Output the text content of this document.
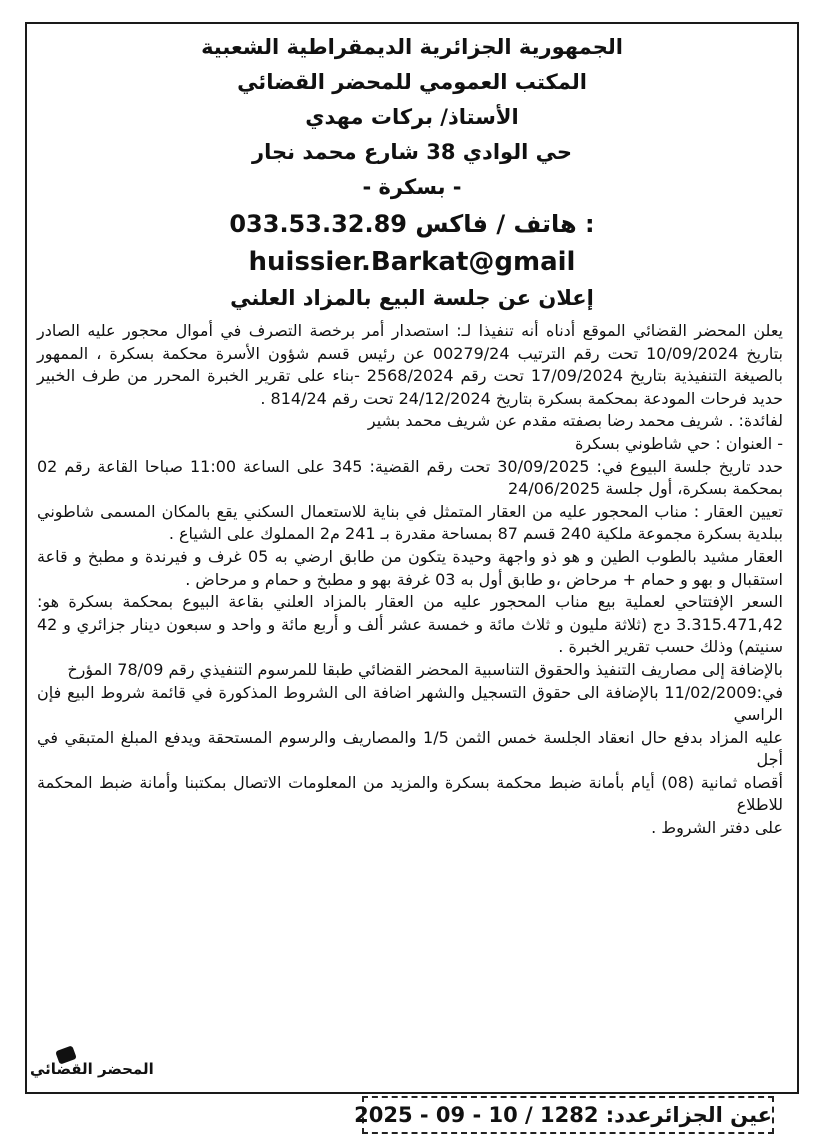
الجمهورية الجزائرية الديمقراطية الشعبية
المكتب العمومي للمحضر القضائي
الأستاذ/ بركات مهدي
حي الوادي 38 شارع محمد نجار
- بسكرة -
033.53.32.89 هاتف / فاكس :
huissier.Barkat@gmail
إعلان عن جلسة البيع بالمزاد العلني

يعلن المحضر القضائي الموقع أدناه أنه تنفيذا لـ: استصدار أمر برخصة التصرف في أموال محجور عليه الصادر بتاريخ 10/09/2024 تحت رقم الترتيب 00279/24 عن رئيس قسم شؤون الأسرة محكمة بسكرة ، الممهور بالصيغة التنفيذية بتاريخ 17/09/2024 تحت رقم 2568/2024 -بناء على تقرير الخبرة المحرر من طرف الخبير حديد فرحات المودعة بمحكمة بسكرة بتاريخ 24/12/2024 تحت رقم 814/24 .

لفائدة: . شريف محمد رضا بصفته مقدم عن شريف محمد بشير

- العنوان : حي شاطوني بسكرة

حدد تاريخ جلسة البيوع في: 30/09/2025 تحت رقم القضية: 345 على الساعة 11:00 صباحا القاعة رقم 02 بمحكمة بسكرة، أول جلسة 24/06/2025

تعيين العقار : مناب المحجور عليه من العقار المتمثل في بناية للاستعمال السكني يقع بالمكان المسمى شاطوني ببلدية بسكرة مجموعة ملكية 240 قسم 87 بمساحة مقدرة بـ 241 م2 المملوك على الشياع .

العقار مشيد بالطوب الطين و هو ذو واجهة وحيدة يتكون من طابق ارضي به 05 غرف و فيرندة و مطبخ و قاعة استقبال و بهو و حمام + مرحاض ،و طابق أول به 03 غرفة بهو و مطبخ و حمام و مرحاض .

السعر الإفتتاحي لعملية بيع مناب المحجور عليه من العقار بالمزاد العلني بقاعة البيوع بمحكمة بسكرة هو: 3.315.471,42 دج (ثلاثة مليون و ثلاث مائة و خمسة عشر ألف و أربع مائة و واحد و سبعون دينار جزائري و 42 سنيتم) وذلك حسب تقرير الخبرة .

بالإضافة إلى مصاريف التنفيذ والحقوق التناسبية المحضر القضائي طبقا للمرسوم التنفيذي رقم 78/09 المؤرخ

في:11/02/2009 بالإضافة الى حقوق التسجيل والشهر اضافة الى الشروط المذكورة في قائمة شروط البيع فإن الراسي

عليه المزاد بدفع حال انعقاد الجلسة خمس الثمن 1/5 والمصاريف والرسوم المستحقة ويدفع المبلغ المتبقي في أجل

أقصاه ثمانية (08) أيام بأمانة ضبط محكمة بسكرة والمزيد من المعلومات الاتصال بمكتبنا وأمانة ضبط المحكمة للاطلاع

على دفتر الشروط .

المحضر القضائي
عين الجزائرعدد: 1282 / 10 - 09 - 2025
